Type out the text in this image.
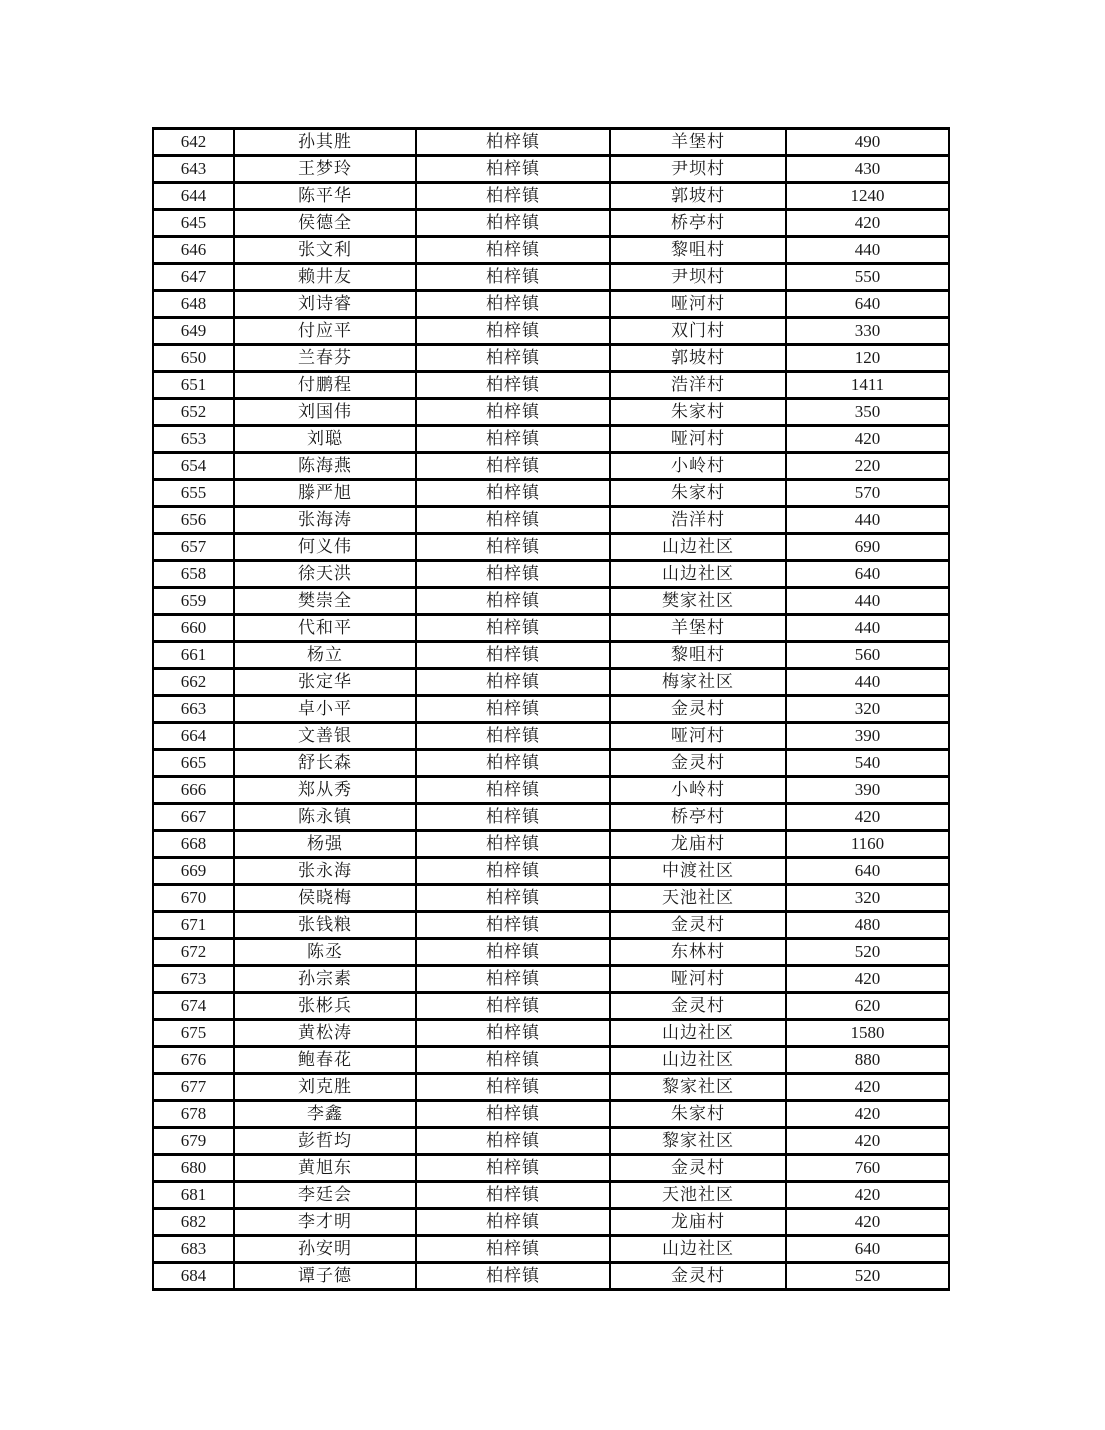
642	孙其胜	柏梓镇	羊堡村	490
643	王梦玲	柏梓镇	尹坝村	430
644	陈平华	柏梓镇	郭坡村	1240
645	侯德全	柏梓镇	桥亭村	420
646	张文利	柏梓镇	黎咀村	440
647	赖井友	柏梓镇	尹坝村	550
648	刘诗睿	柏梓镇	哑河村	640
649	付应平	柏梓镇	双门村	330
650	兰春芬	柏梓镇	郭坡村	120
651	付鹏程	柏梓镇	浩洋村	1411
652	刘国伟	柏梓镇	朱家村	350
653	刘聪	柏梓镇	哑河村	420
654	陈海燕	柏梓镇	小岭村	220
655	滕严旭	柏梓镇	朱家村	570
656	张海涛	柏梓镇	浩洋村	440
657	何义伟	柏梓镇	山边社区	690
658	徐天洪	柏梓镇	山边社区	640
659	樊崇全	柏梓镇	樊家社区	440
660	代和平	柏梓镇	羊堡村	440
661	杨立	柏梓镇	黎咀村	560
662	张定华	柏梓镇	梅家社区	440
663	卓小平	柏梓镇	金灵村	320
664	文善银	柏梓镇	哑河村	390
665	舒长森	柏梓镇	金灵村	540
666	郑从秀	柏梓镇	小岭村	390
667	陈永镇	柏梓镇	桥亭村	420
668	杨强	柏梓镇	龙庙村	1160
669	张永海	柏梓镇	中渡社区	640
670	侯晓梅	柏梓镇	天池社区	320
671	张钱粮	柏梓镇	金灵村	480
672	陈丞	柏梓镇	东林村	520
673	孙宗素	柏梓镇	哑河村	420
674	张彬兵	柏梓镇	金灵村	620
675	黄松涛	柏梓镇	山边社区	1580
676	鲍春花	柏梓镇	山边社区	880
677	刘克胜	柏梓镇	黎家社区	420
678	李鑫	柏梓镇	朱家村	420
679	彭哲均	柏梓镇	黎家社区	420
680	黄旭东	柏梓镇	金灵村	760
681	李廷会	柏梓镇	天池社区	420
682	李才明	柏梓镇	龙庙村	420
683	孙安明	柏梓镇	山边社区	640
684	谭子德	柏梓镇	金灵村	520
